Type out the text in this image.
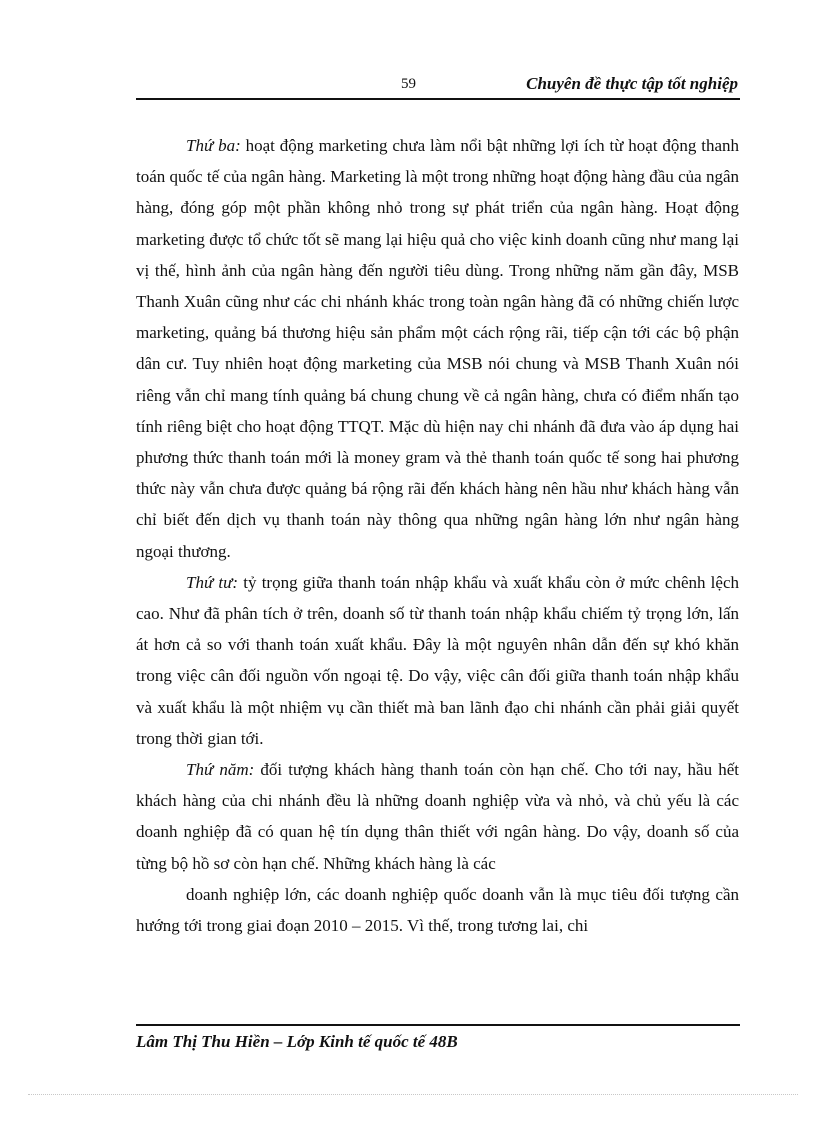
59	Chuyên đề thực tập tốt nghiệp

Thứ ba: hoạt động marketing chưa làm nổi bật những lợi ích từ hoạt động thanh toán quốc tế của ngân hàng. Marketing là một trong những hoạt động hàng đầu của ngân hàng, đóng góp một phần không nhỏ trong sự phát triển của ngân hàng. Hoạt động marketing được tổ chức tốt sẽ mang lại hiệu quả cho việc kinh doanh cũng như mang lại vị thế, hình ảnh của ngân hàng đến người tiêu dùng. Trong những năm gần đây, MSB Thanh Xuân cũng như các chi nhánh khác trong toàn ngân hàng đã có những chiến lược marketing, quảng bá thương hiệu sản phẩm một cách rộng rãi, tiếp cận tới các bộ phận dân cư. Tuy nhiên hoạt động marketing của MSB nói chung và MSB Thanh Xuân nói riêng vẫn chỉ mang tính quảng bá chung chung về cả ngân hàng, chưa có điểm nhấn tạo tính riêng biệt cho hoạt động TTQT. Mặc dù hiện nay chi nhánh đã đưa vào áp dụng hai phương thức thanh toán mới là money gram và thẻ thanh toán quốc tế song hai phương thức này vẫn chưa được quảng bá rộng rãi đến khách hàng nên hầu như khách hàng vẫn chỉ biết đến dịch vụ thanh toán này thông qua những ngân hàng lớn như ngân hàng ngoại thương.

Thứ tư: tỷ trọng giữa thanh toán nhập khẩu và xuất khẩu còn ở mức chênh lệch cao. Như đã phân tích ở trên, doanh số từ thanh toán nhập khẩu chiếm tỷ trọng lớn, lấn át hơn cả so với thanh toán xuất khẩu. Đây là một nguyên nhân dẫn đến sự khó khăn trong việc cân đối nguồn vốn ngoại tệ. Do vậy, việc cân đối giữa thanh toán nhập khẩu và xuất khẩu là một nhiệm vụ cần thiết mà ban lãnh đạo chi nhánh cần phải giải quyết trong thời gian tới.

Thứ năm: đối tượng khách hàng thanh toán còn hạn chế. Cho tới nay, hầu hết khách hàng của chi nhánh đều là những doanh nghiệp vừa và nhỏ, và chủ yếu là các doanh nghiệp đã có quan hệ tín dụng thân thiết với ngân hàng. Do vậy, doanh số của từng bộ hồ sơ còn hạn chế. Những khách hàng là các

doanh nghiệp lớn, các doanh nghiệp quốc doanh vẫn là mục tiêu đối tượng cần hướng tới trong giai đoạn 2010 – 2015. Vì thế, trong tương lai, chi

Lâm Thị Thu Hiền – Lớp Kinh tế quốc tế 48B
